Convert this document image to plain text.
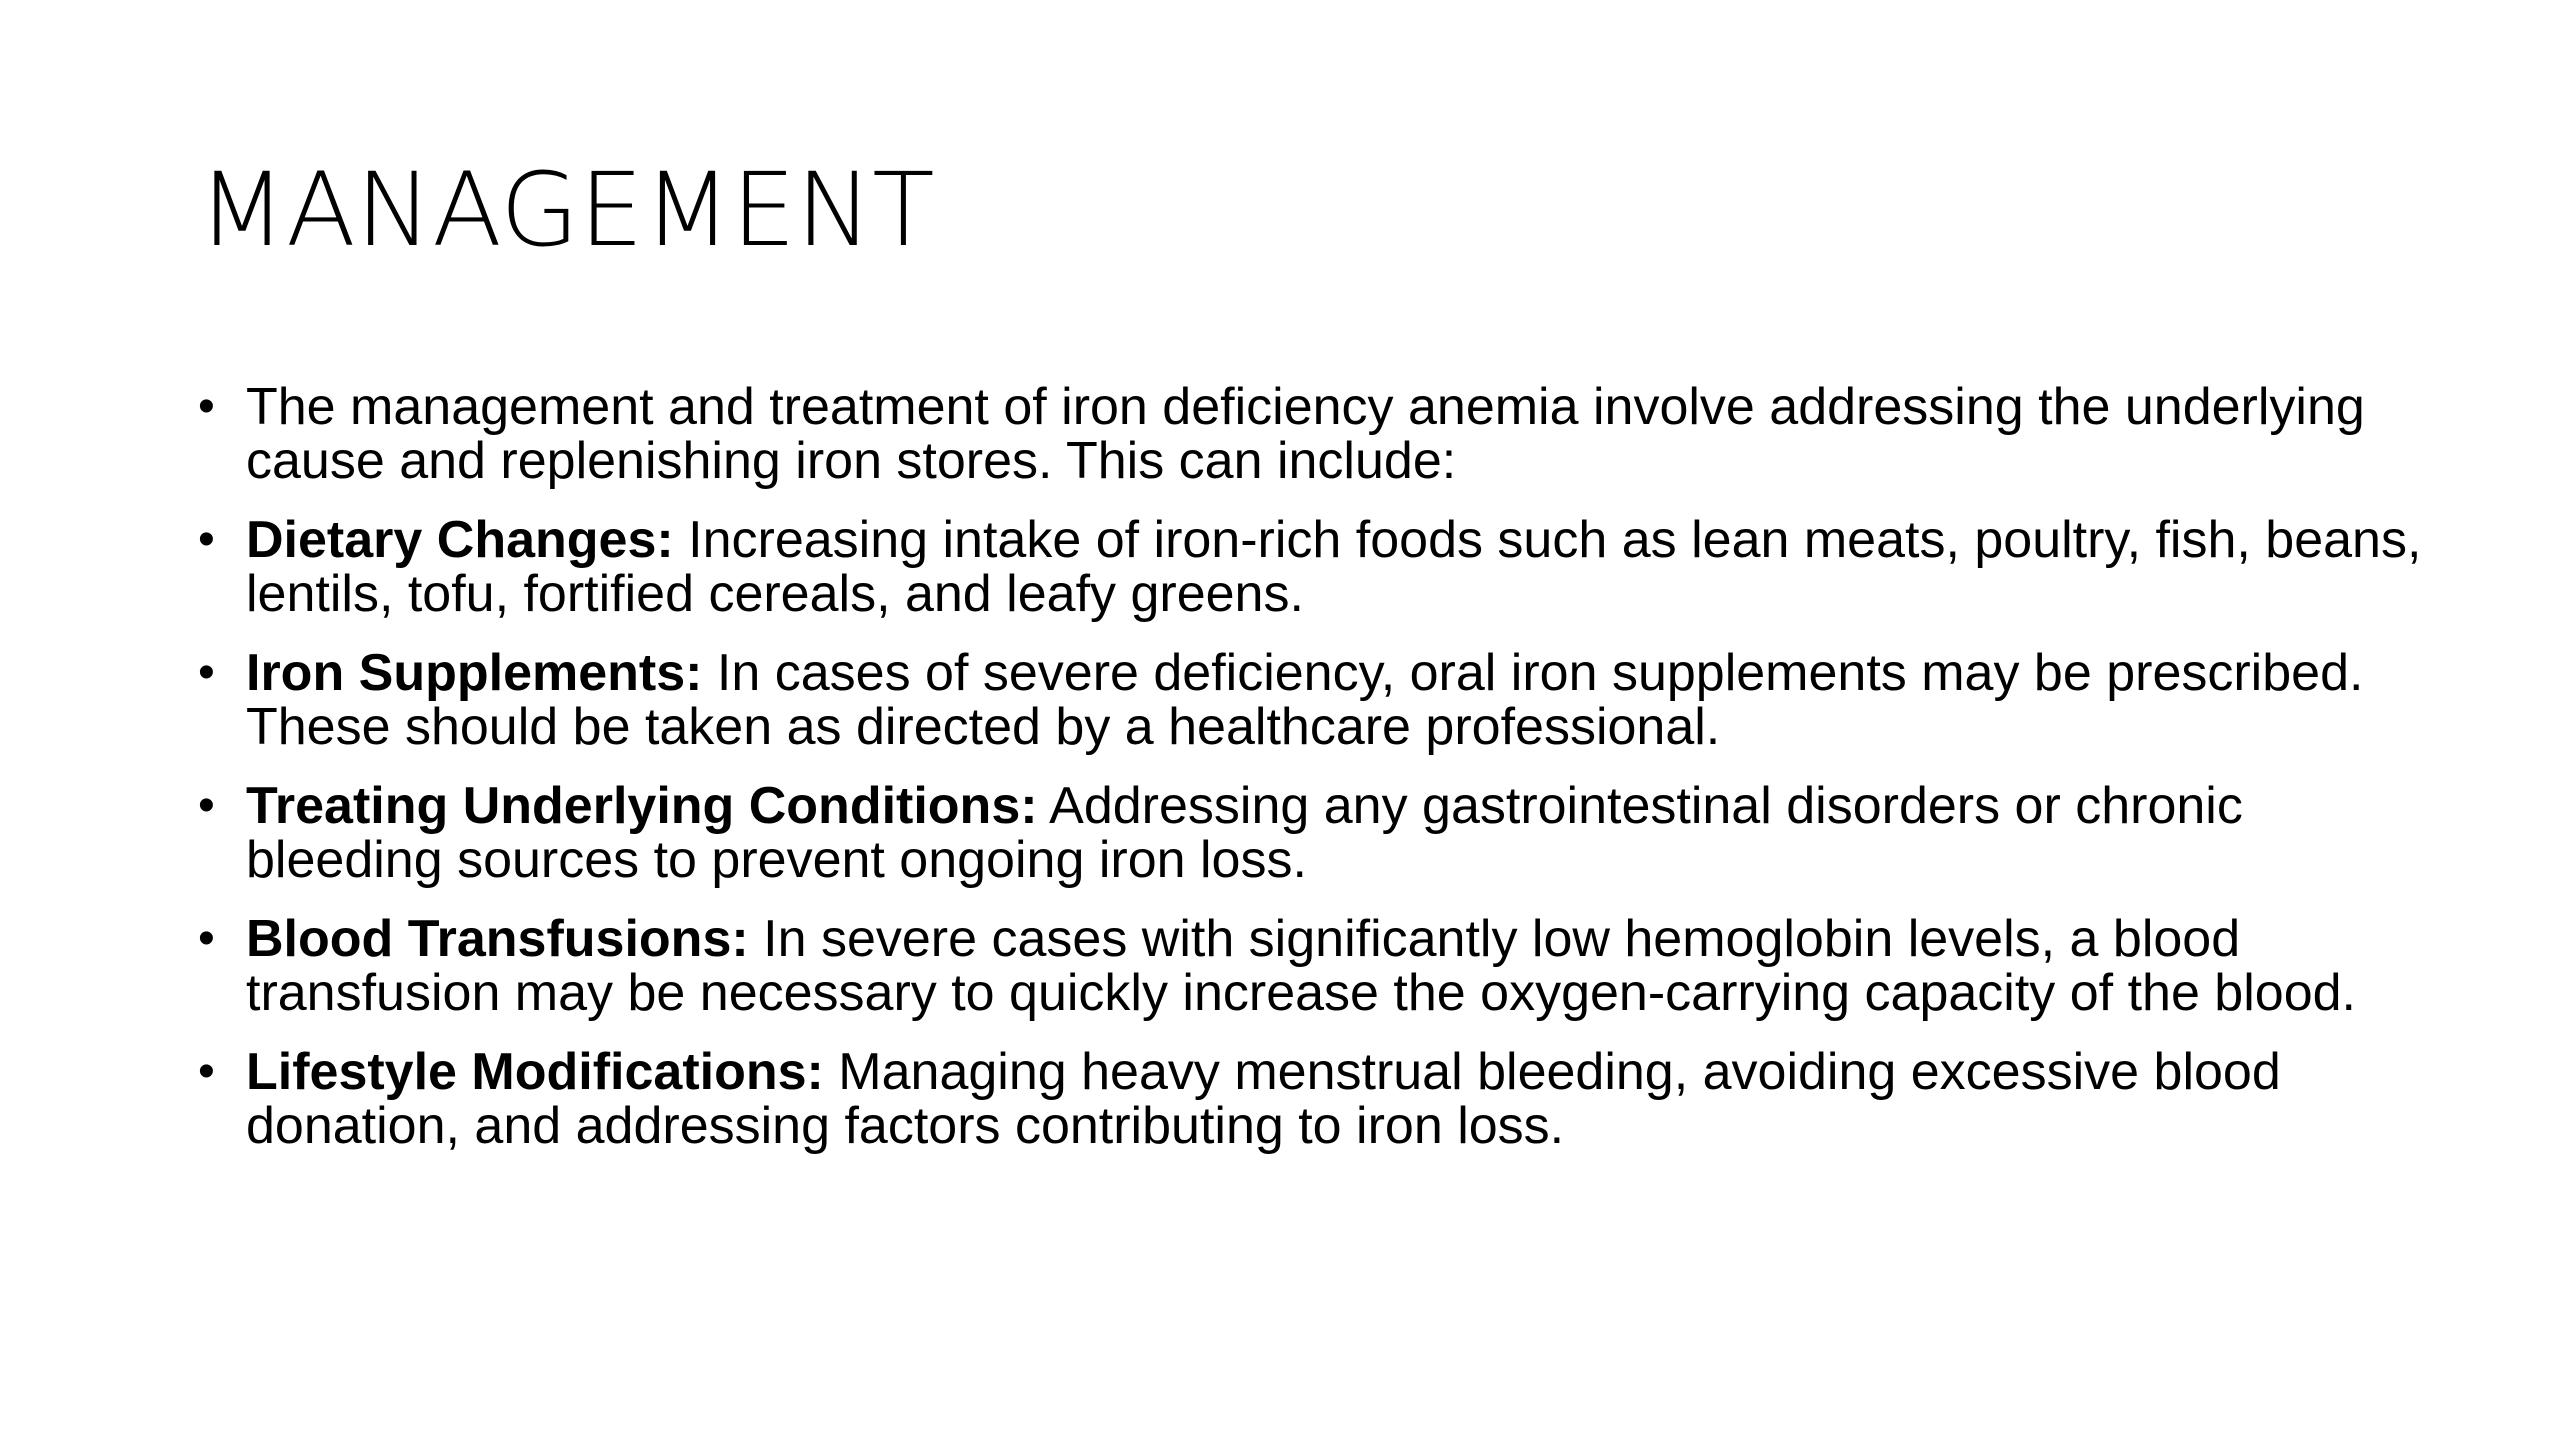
MANAGEMENT
• The management and treatment of iron deficiency anemia involve addressing the underlying cause and replenishing iron stores. This can include:
• Dietary Changes: Increasing intake of iron-rich foods such as lean meats, poultry, fish, beans, lentils, tofu, fortified cereals, and leafy greens.
• Iron Supplements: In cases of severe deficiency, oral iron supplements may be prescribed. These should be taken as directed by a healthcare professional.
• Treating Underlying Conditions: Addressing any gastrointestinal disorders or chronic bleeding sources to prevent ongoing iron loss.
• Blood Transfusions: In severe cases with significantly low hemoglobin levels, a blood transfusion may be necessary to quickly increase the oxygen-carrying capacity of the blood.
• Lifestyle Modifications: Managing heavy menstrual bleeding, avoiding excessive blood donation, and addressing factors contributing to iron loss.
